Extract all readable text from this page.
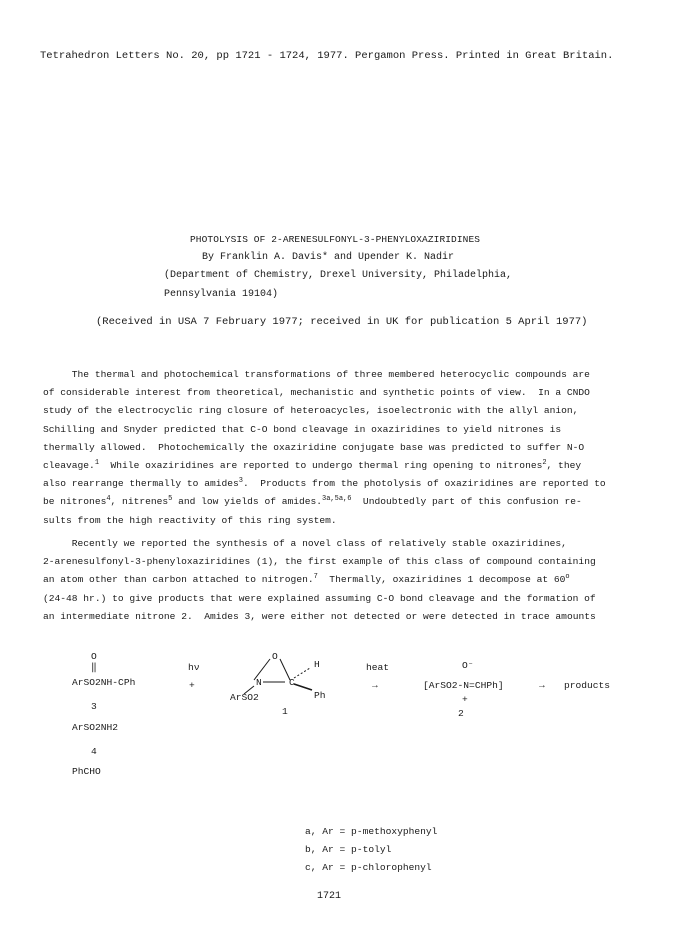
Tetrahedron Letters No. 20, pp 1721 - 1724, 1977. Pergamon Press. Printed in Great Britain.
PHOTOLYSIS OF 2-ARENESULFONYL-3-PHENYLOXAZIRIDINES
By Franklin A. Davis* and Upender K. Nadir
(Department of Chemistry, Drexel University, Philadelphia,
Pennsylvania 19104)
(Received in USA 7 February 1977; received in UK for publication 5 April 1977)
The thermal and photochemical transformations of three membered heterocyclic compounds are
of considerable interest from theoretical, mechanistic and synthetic points of view.  In a CNDO
study of the electrocyclic ring closure of heteroacycles, isoelectronic with the allyl anion,
Schilling and Snyder predicted that C-O bond cleavage in oxaziridines to yield nitrones is
thermally allowed.  Photochemically the oxaziridine conjugate base was predicted to suffer N-O
cleavage.$^1$  While oxaziridines are reported to undergo thermal ring opening to nitrones$^2$, they
also rearrange thermally to amides$^3$.  Products from the photolysis of oxaziridines are reported to
be nitrones$^4$, nitrenes$^5$ and low yields of amides.$^{3a,5a,6}$  Undoubtedly part of this confusion re-
sults from the high reactivity of this ring system.
Recently we reported the synthesis of a novel class of relatively stable oxaziridines,
2-arenesulfonyl-3-phenyloxaziridines (1), the first example of this class of compound containing
an atom other than carbon attached to nitrogen.$^7$  Thermally, oxaziridines 1 decompose at 60$^o$
(24-48 hr.) to give products that were explained assuming C-O bond cleavage and the formation of
an intermediate nitrone 2.  Amides 3, were either not detected or were detected in trace amounts
O
‖
ArSO2NH-CPh
3
ArSO2NH2
4
PhCHO
hν
+
O
H
N	C
Ph
ArSO2
1
heat
→
O⁻
[ArSO2-N=CHPh]
+
2
→ products
a, Ar = p-methoxyphenyl
b, Ar = p-tolyl
c, Ar = p-chlorophenyl
1721
